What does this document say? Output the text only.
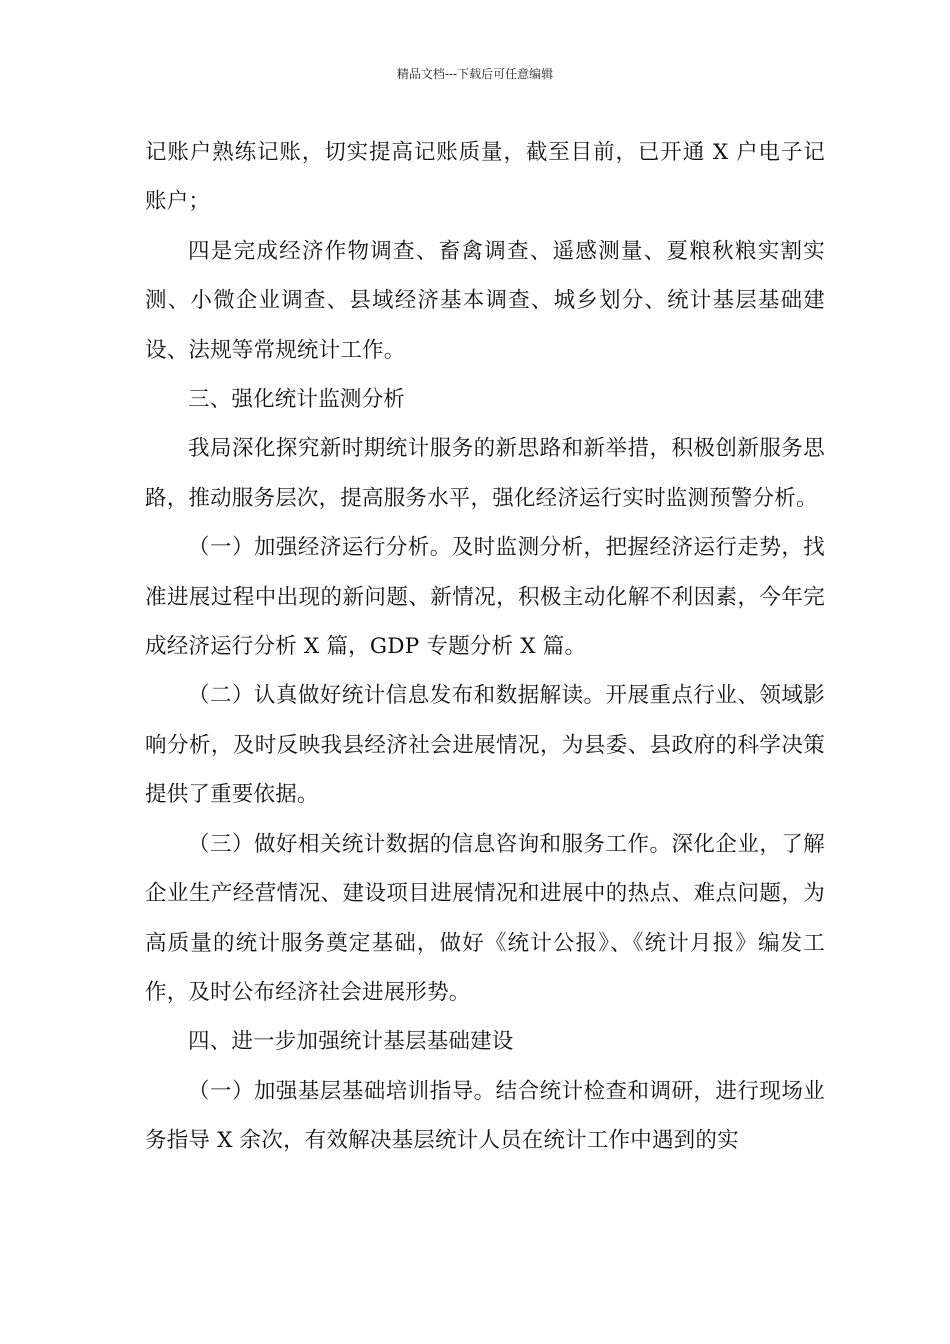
精品文档---下载后可任意编辑

记账户熟练记账，切实提高记账质量，截至目前，已开通 X 户电子记账户；

四是完成经济作物调查、畜禽调查、遥感测量、夏粮秋粮实割实测、小微企业调查、县域经济基本调查、城乡划分、统计基层基础建设、法规等常规统计工作。

三、强化统计监测分析

我局深化探究新时期统计服务的新思路和新举措，积极创新服务思路，推动服务层次，提高服务水平，强化经济运行实时监测预警分析。

（一）加强经济运行分析。及时监测分析，把握经济运行走势，找准进展过程中出现的新问题、新情况，积极主动化解不利因素，今年完成经济运行分析 X 篇，GDP 专题分析 X 篇。

（二）认真做好统计信息发布和数据解读。开展重点行业、领域影响分析，及时反映我县经济社会进展情况，为县委、县政府的科学决策提供了重要依据。

（三）做好相关统计数据的信息咨询和服务工作。深化企业，了解企业生产经营情况、建设项目进展情况和进展中的热点、难点问题，为高质量的统计服务奠定基础，做好《统计公报》、《统计月报》编发工作，及时公布经济社会进展形势。

四、进一步加强统计基层基础建设

（一）加强基层基础培训指导。结合统计检查和调研，进行现场业务指导 X 余次，有效解决基层统计人员在统计工作中遇到的实
